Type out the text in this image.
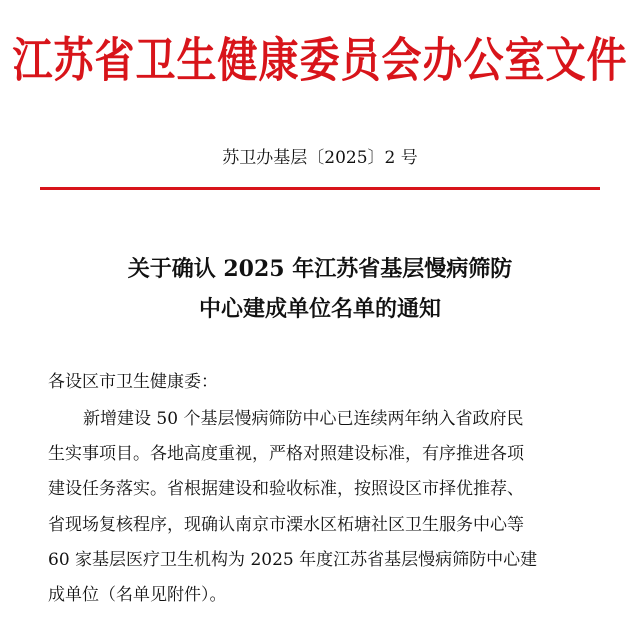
江苏省卫生健康委员会办公室文件
苏卫办基层〔2025〕2 号
关于确认 2025 年江苏省基层慢病筛防
中心建成单位名单的通知
各设区市卫生健康委：
新增建设 50 个基层慢病筛防中心已连续两年纳入省政府民
生实事项目。各地高度重视，严格对照建设标准，有序推进各项
建设任务落实。省根据建设和验收标准，按照设区市择优推荐、
省现场复核程序，现确认南京市溧水区柘塘社区卫生服务中心等
60 家基层医疗卫生机构为 2025 年度江苏省基层慢病筛防中心建
成单位（名单见附件）。
